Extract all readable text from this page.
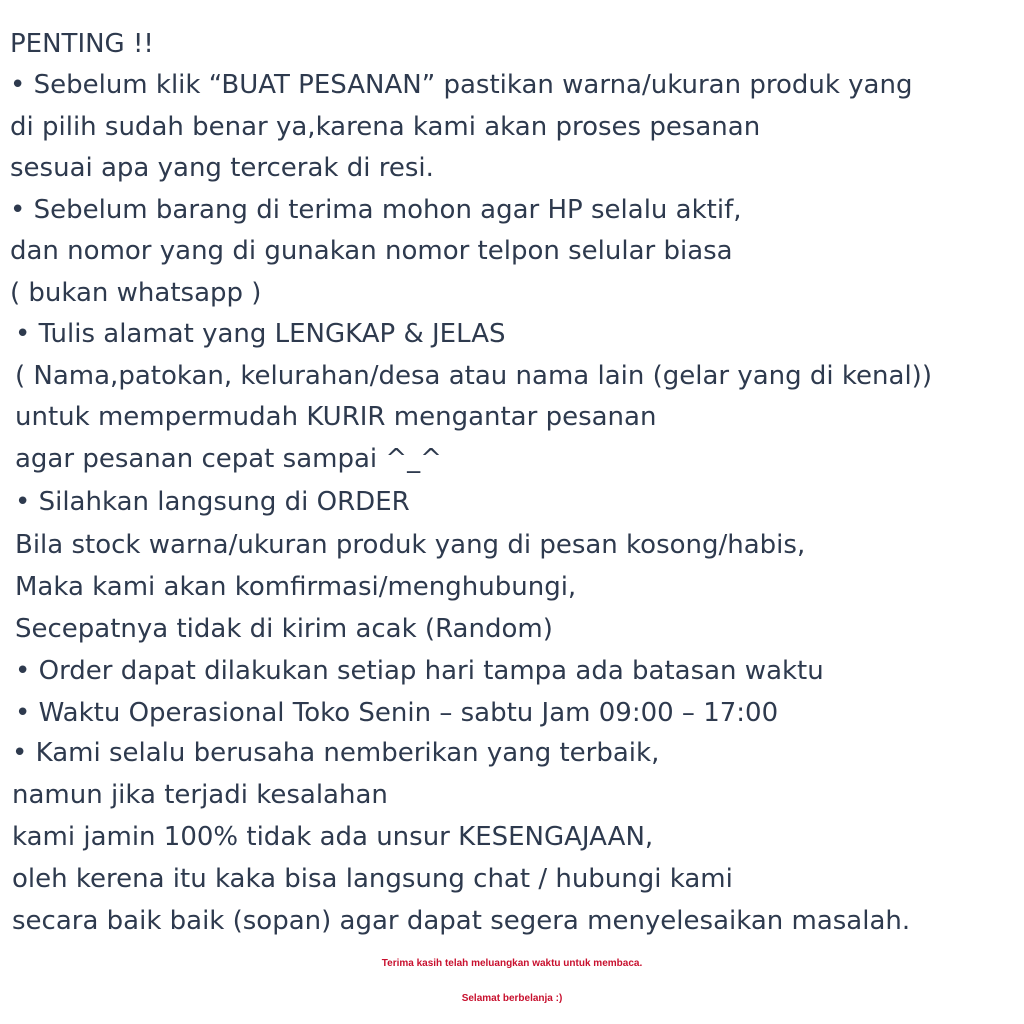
PENTING !!
• Sebelum klik “BUAT PESANAN” pastikan warna/ukuran produk yang
di pilih sudah benar ya,karena kami akan proses pesanan
sesuai apa yang tercerak di resi.
• Sebelum barang di terima mohon agar HP selalu aktif,
dan nomor yang di gunakan nomor telpon selular biasa
( bukan whatsapp )
• Tulis alamat yang LENGKAP & JELAS
( Nama,patokan, kelurahan/desa atau nama lain (gelar yang di kenal))
untuk mempermudah KURIR mengantar pesanan
agar pesanan cepat sampai ^_^
• Silahkan langsung di ORDER
Bila stock warna/ukuran produk yang di pesan kosong/habis,
Maka kami akan komfirmasi/menghubungi,
Secepatnya tidak di kirim acak (Random)
• Order dapat dilakukan setiap hari tampa ada batasan waktu
• Waktu Operasional Toko Senin – sabtu Jam 09:00 – 17:00
• Kami selalu berusaha nemberikan yang terbaik,
namun jika terjadi kesalahan
kami jamin 100% tidak ada unsur KESENGAJAAN,
oleh kerena itu kaka bisa langsung chat / hubungi kami
secara baik baik (sopan) agar dapat segera menyelesaikan masalah.
Terima kasih telah meluangkan waktu untuk membaca.
Selamat berbelanja :)
